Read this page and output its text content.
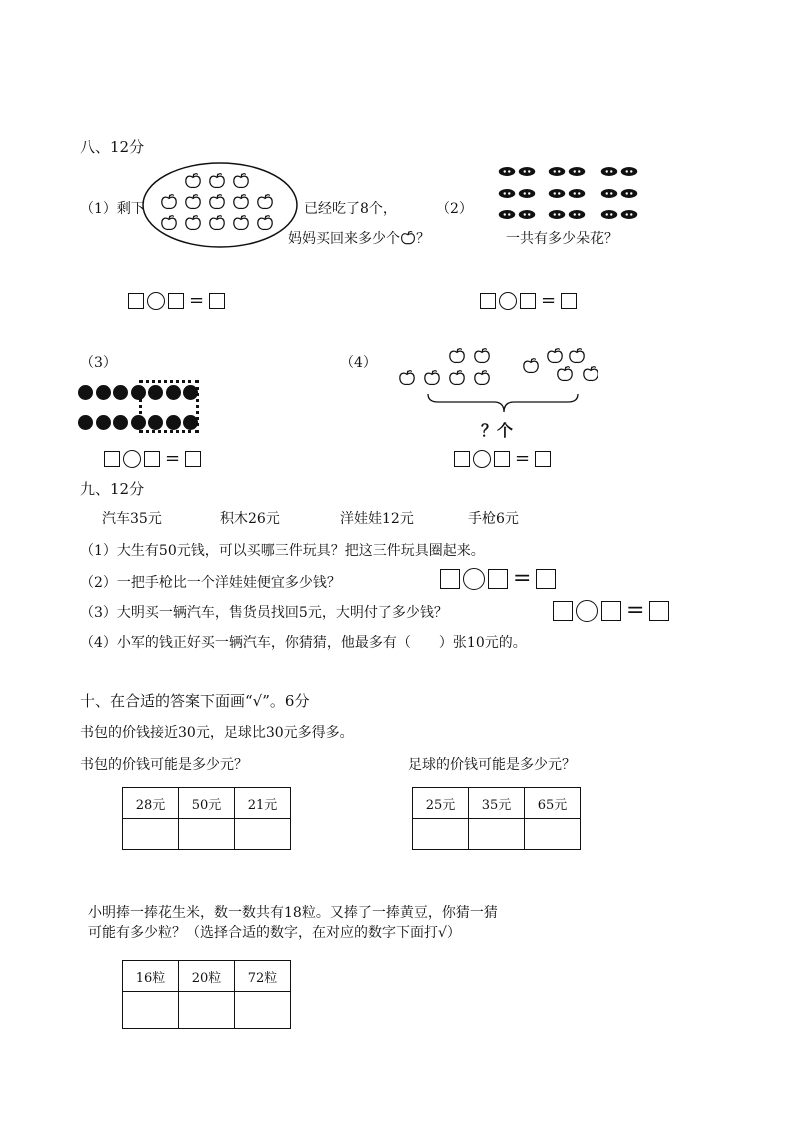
八、12分
（1）剩下	已经吃了8个，
妈妈买回来多少个 ？
=
（2）
一共有多少朵花？
=
（3）
=
（4）
？个
=
九、12分
汽车35元	积木26元	洋娃娃12元	手枪6元
（1）大生有50元钱，可以买哪三件玩具？把这三件玩具圈起来。
（2）一把手枪比一个洋娃娃便宜多少钱？	=
（3）大明买一辆汽车，售货员找回5元，大明付了多少钱？	=
（4）小军的钱正好买一辆汽车，你猜猜，他最多有（　　）张10元的。
十、在合适的答案下面画“√”。6分
书包的价钱接近30元，足球比30元多得多。
书包的价钱可能是多少元？	足球的价钱可能是多少元？
28元	50元	21元
			25元	35元	65元

小明捧一捧花生米，数一数共有18粒。又捧了一捧黄豆，你猜一猜
可能有多少粒？（选择合适的数字，在对应的数字下面打√）
16粒	20粒	72粒
